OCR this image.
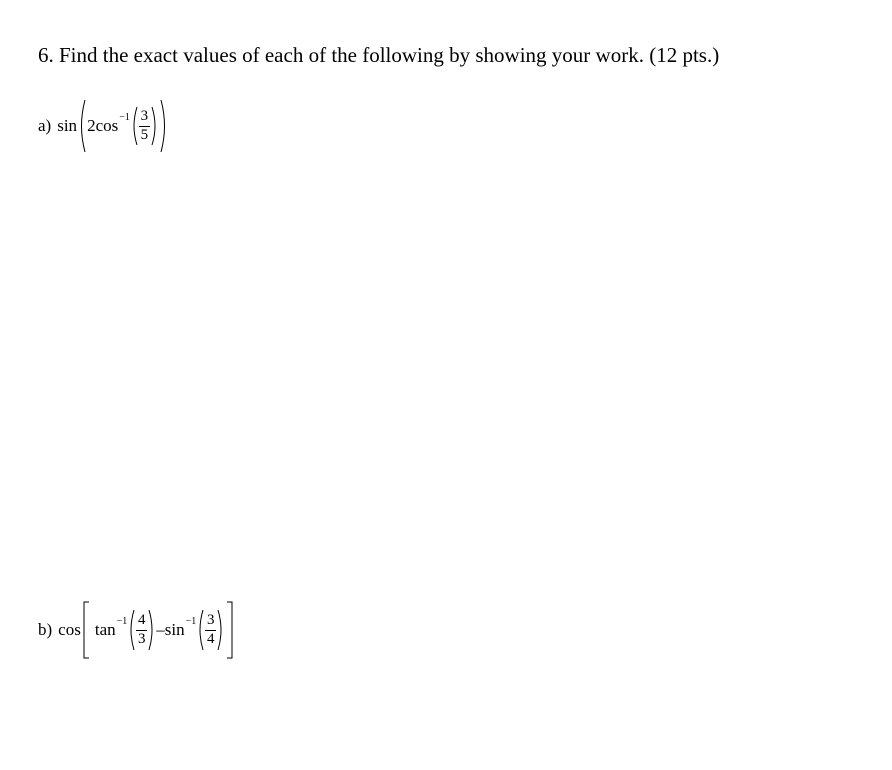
6. Find the exact values of each of the following by showing your work. (12 pts.)
a) sin 2 $\cos -1 \frac{3}{5}$
b) $\cos \tan -1 \frac{4}{3} - \sin -1 \frac{3}{4}$
